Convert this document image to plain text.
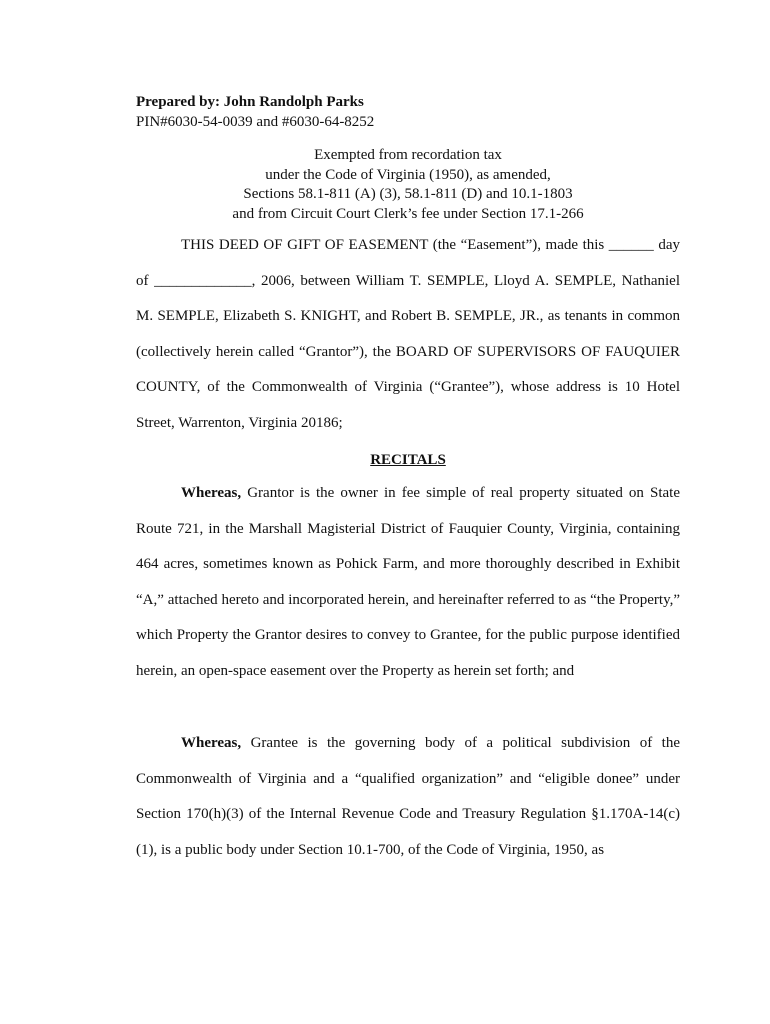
Prepared by: John Randolph Parks

PIN#6030-54-0039 and #6030-64-8252

Exempted from recordation tax
under the Code of Virginia (1950), as amended,
Sections 58.1-811 (A) (3), 58.1-811 (D) and 10.1-1803
and from Circuit Court Clerk’s fee under Section 17.1-266

THIS DEED OF GIFT OF EASEMENT (the “Easement”), made this ______ day of _____________, 2006, between William T. SEMPLE, Lloyd A. SEMPLE, Nathaniel M. SEMPLE, Elizabeth S. KNIGHT, and Robert B. SEMPLE, JR., as tenants in common (collectively herein called “Grantor”), the BOARD OF SUPERVISORS OF FAUQUIER COUNTY, of the Commonwealth of Virginia (“Grantee”), whose address is 10 Hotel Street, Warrenton, Virginia 20186;

RECITALS

Whereas, Grantor is the owner in fee simple of real property situated on State Route 721, in the Marshall Magisterial District of Fauquier County, Virginia, containing 464 acres, sometimes known as Pohick Farm, and more thoroughly described in Exhibit “A,” attached hereto and incorporated herein, and hereinafter referred to as “the Property,” which Property the Grantor desires to convey to Grantee, for the public purpose identified herein, an open-space easement over the Property as herein set forth; and

Whereas, Grantee is the governing body of a political subdivision of the Commonwealth of Virginia and a “qualified organization” and “eligible donee” under Section 170(h)(3) of the Internal Revenue Code and Treasury Regulation §1.170A-14(c)(1), is a public body under Section 10.1-700, of the Code of Virginia, 1950, as
